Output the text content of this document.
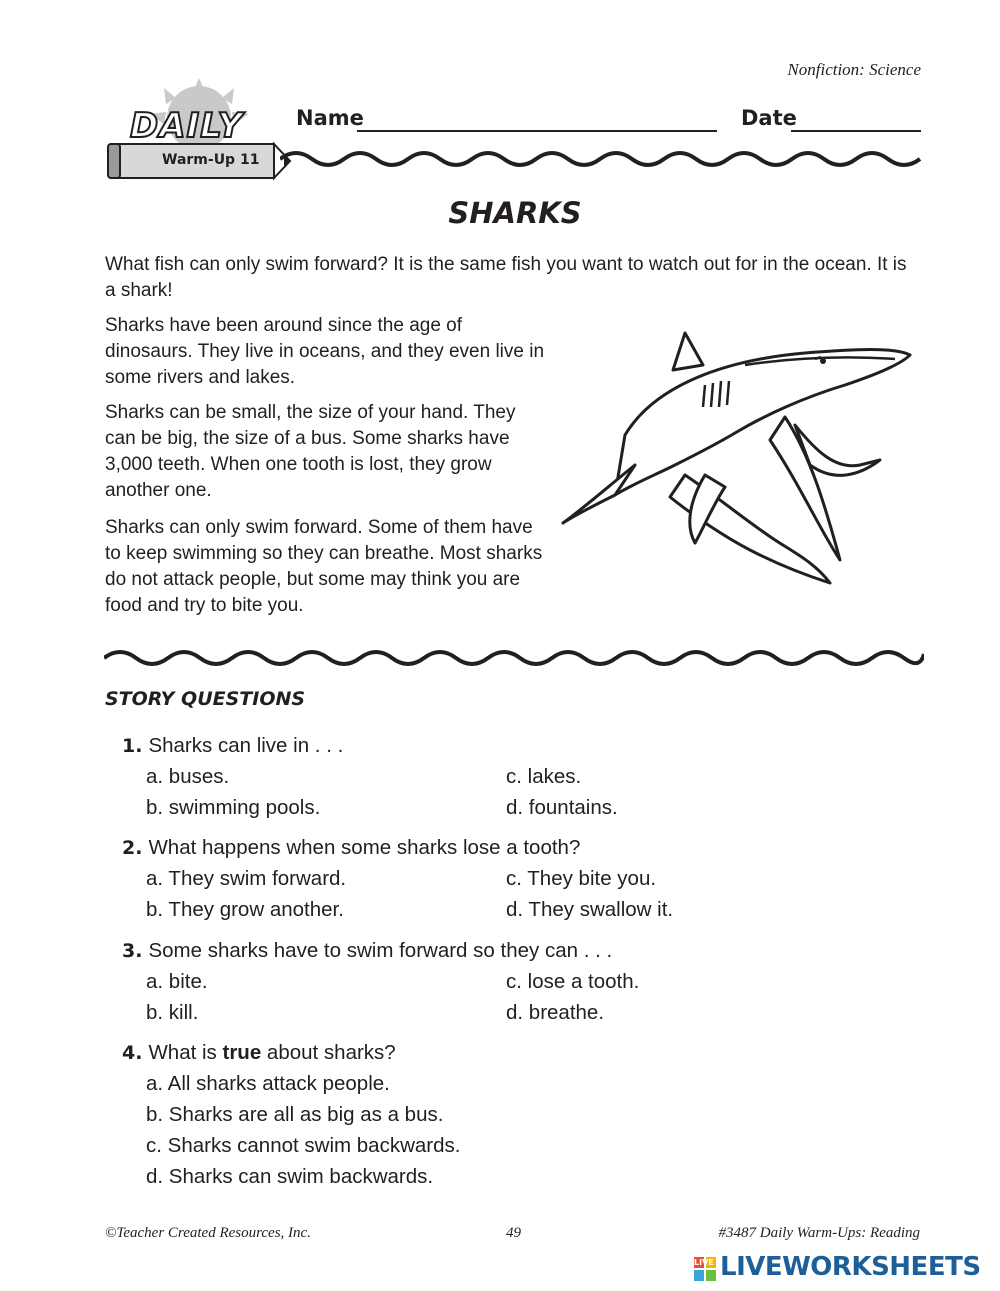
Nonfiction: Science
DAILY
Warm-Up 11
Name	Date
SHARKS

What fish can only swim forward? It is the same fish you want to watch out for in the ocean. It is a shark!

Sharks have been around since the age of dinosaurs. They live in oceans, and they even live in some rivers and lakes.

Sharks can be small, the size of your hand. They can be big, the size of a bus. Some sharks have 3,000 teeth. When one tooth is lost, they grow another one.

Sharks can only swim forward. Some of them have to keep swimming so they can breathe. Most sharks do not attack people, but some may think you are food and try to bite you.

STORY QUESTIONS
1. Sharks can live in . . .
a. buses.	c. lakes.
b. swimming pools.	d. fountains.
2. What happens when some sharks lose a tooth?
a. They swim forward.	c. They bite you.
b. They grow another.	d. They swallow it.
3. Some sharks have to swim forward so they can . . .
a. bite.	c. lose a tooth.
b. kill.	d. breathe.
4. What is true about sharks?
a. All sharks attack people.
b. Sharks are all as big as a bus.
c. Sharks cannot swim backwards.
d. Sharks can swim backwards.
©Teacher Created Resources, Inc.	49	#3487 Daily Warm-Ups: Reading
LIVE LIVEWORKSHEETS
